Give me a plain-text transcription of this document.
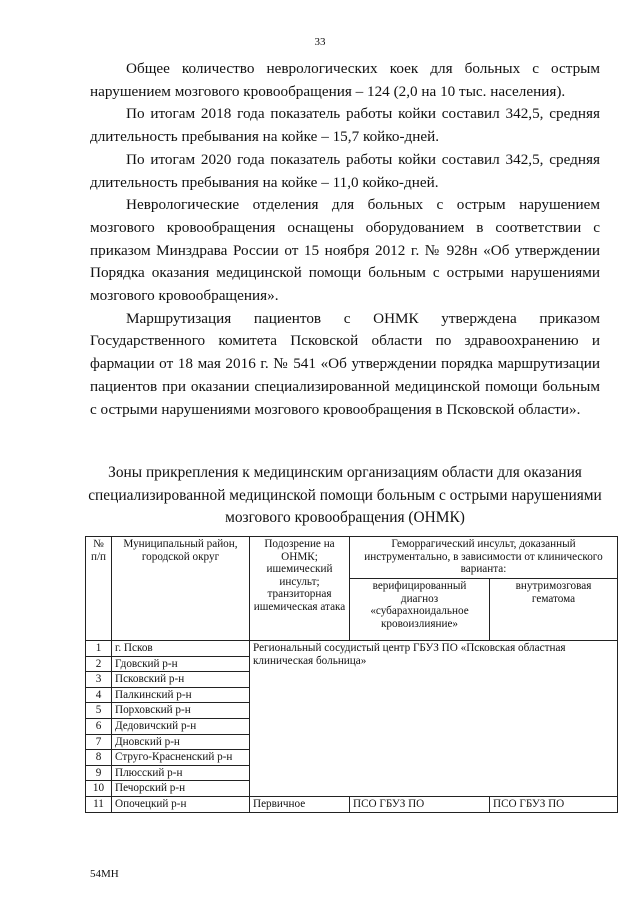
33

Общее количество неврологических коек для больных с острым нарушением мозгового кровообращения – 124 (2,0 на 10 тыс. населения).

По итогам 2018 года показатель работы койки составил 342,5, средняя длительность пребывания на койке – 15,7 койко-дней.

По итогам 2020 года показатель работы койки составил 342,5, средняя длительность пребывания на койке – 11,0 койко-дней.

Неврологические отделения для больных с острым нарушением мозгового кровообращения оснащены оборудованием в соответствии с приказом Минздрава России от 15 ноября 2012 г. № 928н «Об утверждении Порядка оказания медицинской помощи больным с острыми нарушениями мозгового кровообращения».

Маршрутизация пациентов с ОНМК утверждена приказом Государственного комитета Псковской области по здравоохранению и фармации от 18 мая 2016 г. № 541 «Об утверждении порядка маршрутизации пациентов при оказании специализированной медицинской помощи больным с острыми нарушениями мозгового кровообращения в Псковской области».

Зоны прикрепления к медицинским организациям области для оказания специализированной медицинской помощи больным с острыми нарушениями мозгового кровообращения (ОНМК)
№ п/п	Муниципальный район, городской округ	Подозрение на ОНМК; ишемический инсульт; транзиторная ишемическая атака	Геморрагический инсульт, доказанный инструментально, в зависимости от клинического варианта:	
			верифицированный диагноз «субарахноидальное кровоизлияние»	внутримозговая гематома
1	г. Псков	Региональный сосудистый центр ГБУЗ ПО «Псковская областная клиническая больница»		
2	Гдовский р-н			
3	Псковский р-н			
4	Палкинский р-н			
5	Порховский р-н			
6	Дедовичский р-н			
7	Дновский р-н			
8	Струго-Красненский р-н			
9	Плюсский р-н			
10	Печорский р-н			
11	Опочецкий р-н	Первичное	ПСО ГБУЗ ПО	ПСО ГБУЗ ПО
54МН
